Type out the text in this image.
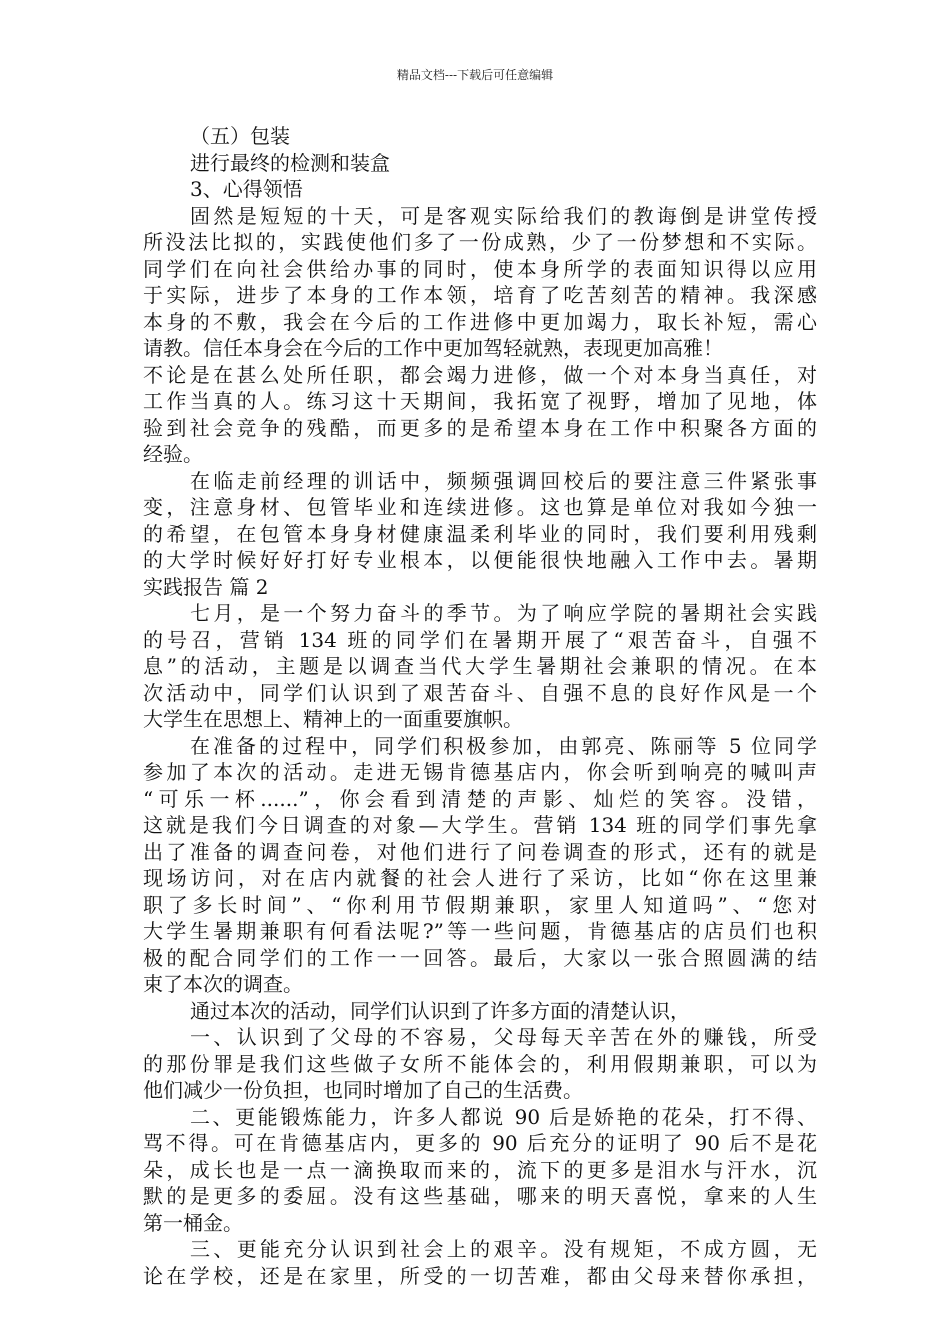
精品文档---下载后可任意编辑
（五）包装
进行最终的检测和装盒
3、心得领悟
固然是短短的十天，可是客观实际给我们的教诲倒是讲堂传授
所没法比拟的，实践使他们多了一份成熟，少了一份梦想和不实际。
同学们在向社会供给办事的同时，使本身所学的表面知识得以应用
于实际，进步了本身的工作本领，培育了吃苦刻苦的精神。我深感
本身的不敷，我会在今后的工作进修中更加竭力，取长补短，需心
请教。信任本身会在今后的工作中更加驾轻就熟，表现更加高雅！
不论是在甚么处所任职，都会竭力进修，做一个对本身当真任，对
工作当真的人。练习这十天期间，我拓宽了视野，增加了见地，体
验到社会竞争的残酷，而更多的是希望本身在工作中积聚各方面的
经验。
在临走前经理的训话中，频频强调回校后的要注意三件紧张事
变，注意身材、包管毕业和连续进修。这也算是单位对我如今独一
的希望，在包管本身身材健康温柔利毕业的同时，我们要利用残剩
的大学时候好好打好专业根本，以便能很快地融入工作中去。暑期
实践报告 篇 2
七月，是一个努力奋斗的季节。为了响应学院的暑期社会实践
的号召，营销 134 班的同学们在暑期开展了“艰苦奋斗，自强不
息”的活动，主题是以调查当代大学生暑期社会兼职的情况。在本
次活动中，同学们认识到了艰苦奋斗、自强不息的良好作风是一个
大学生在思想上、精神上的一面重要旗帜。
在准备的过程中，同学们积极参加，由郭亮、陈丽等 5 位同学
参加了本次的活动。走进无锡肯德基店内，你会听到响亮的喊叫声
“可乐一杯......”，你会看到清楚的声影、灿烂的笑容。没错，
这就是我们今日调查的对象—大学生。营销 134 班的同学们事先拿
出了准备的调查问卷，对他们进行了问卷调查的形式，还有的就是
现场访问，对在店内就餐的社会人进行了采访，比如“你在这里兼
职了多长时间”、“你利用节假期兼职，家里人知道吗”、“您对
大学生暑期兼职有何看法呢?”等一些问题，肯德基店的店员们也积
极的配合同学们的工作一一回答。最后，大家以一张合照圆满的结
束了本次的调查。
通过本次的活动，同学们认识到了许多方面的清楚认识，
一、认识到了父母的不容易，父母每天辛苦在外的赚钱，所受
的那份罪是我们这些做子女所不能体会的，利用假期兼职，可以为
他们减少一份负担，也同时增加了自己的生活费。
二、更能锻炼能力，许多人都说 90 后是娇艳的花朵，打不得、
骂不得。可在肯德基店内，更多的 90 后充分的证明了 90 后不是花
朵，成长也是一点一滴换取而来的，流下的更多是泪水与汗水，沉
默的是更多的委屈。没有这些基础，哪来的明天喜悦，拿来的人生
第一桶金。
三、更能充分认识到社会上的艰辛。没有规矩，不成方圆，无
论在学校，还是在家里，所受的一切苦难，都由父母来替你承担，
